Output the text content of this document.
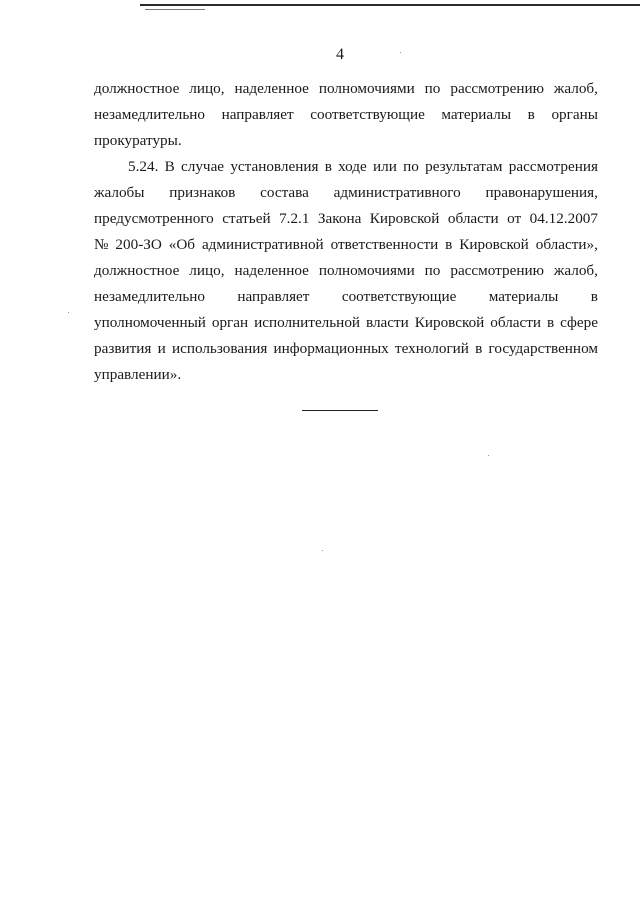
4
должностное лицо, наделенное полномочиями по рассмотрению жалоб,
незамедлительно направляет соответствующие материалы в органы
прокуратуры.
5.24. В случае установления в ходе или по результатам рассмотрения
жалобы признаков состава административного правонарушения,
предусмотренного статьей 7.2.1 Закона Кировской области от 04.12.2007
№ 200-ЗО «Об административной ответственности в Кировской области»,
должностное лицо, наделенное полномочиями по рассмотрению жалоб,
незамедлительно направляет соответствующие материалы в
уполномоченный орган исполнительной власти Кировской области в сфере
развития и использования информационных технологий в государственном
управлении».
